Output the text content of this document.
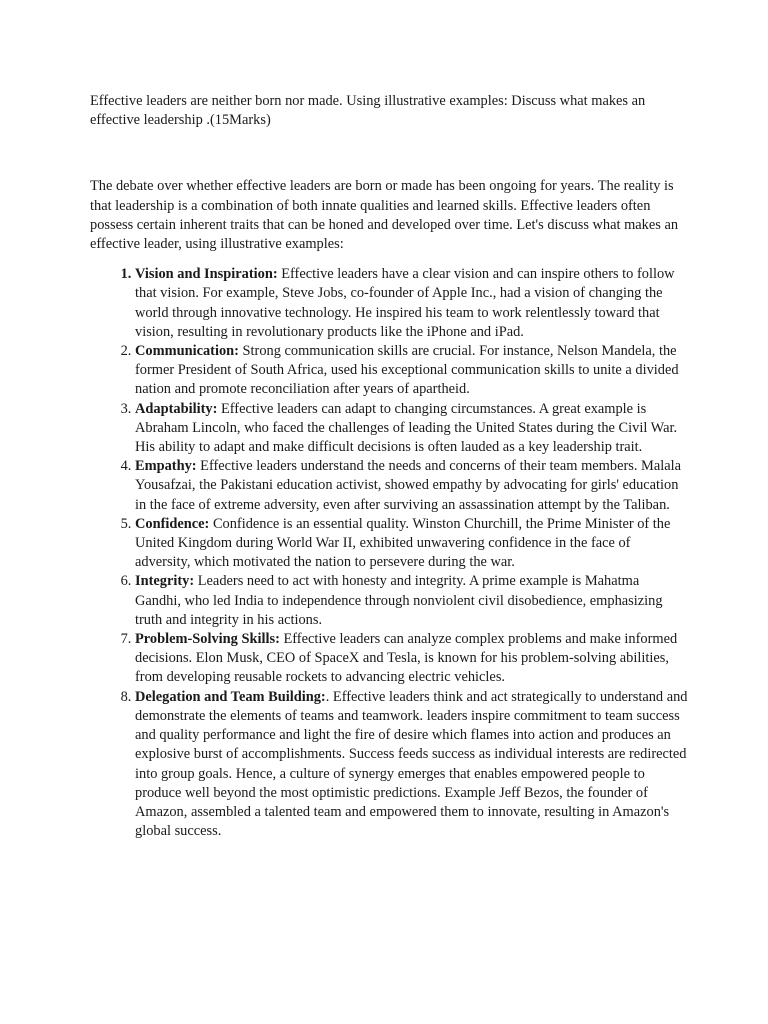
Effective leaders are neither born nor made. Using illustrative examples: Discuss what makes an effective leadership .(15Marks)

The debate over whether effective leaders are born or made has been ongoing for years. The reality is that leadership is a combination of both innate qualities and learned skills. Effective leaders often possess certain inherent traits that can be honed and developed over time. Let's discuss what makes an effective leader, using illustrative examples:

1. Vision and Inspiration: Effective leaders have a clear vision and can inspire others to follow that vision. For example, Steve Jobs, co-founder of Apple Inc., had a vision of changing the world through innovative technology. He inspired his team to work relentlessly toward that vision, resulting in revolutionary products like the iPhone and iPad.
2. Communication: Strong communication skills are crucial. For instance, Nelson Mandela, the former President of South Africa, used his exceptional communication skills to unite a divided nation and promote reconciliation after years of apartheid.
3. Adaptability: Effective leaders can adapt to changing circumstances. A great example is Abraham Lincoln, who faced the challenges of leading the United States during the Civil War. His ability to adapt and make difficult decisions is often lauded as a key leadership trait.
4. Empathy: Effective leaders understand the needs and concerns of their team members. Malala Yousafzai, the Pakistani education activist, showed empathy by advocating for girls' education in the face of extreme adversity, even after surviving an assassination attempt by the Taliban.
5. Confidence: Confidence is an essential quality. Winston Churchill, the Prime Minister of the United Kingdom during World War II, exhibited unwavering confidence in the face of adversity, which motivated the nation to persevere during the war.
6. Integrity: Leaders need to act with honesty and integrity. A prime example is Mahatma Gandhi, who led India to independence through nonviolent civil disobedience, emphasizing truth and integrity in his actions.
7. Problem-Solving Skills: Effective leaders can analyze complex problems and make informed decisions. Elon Musk, CEO of SpaceX and Tesla, is known for his problem-solving abilities, from developing reusable rockets to advancing electric vehicles.
8. Delegation and Team Building:. Effective leaders think and act strategically to understand and demonstrate the elements of teams and teamwork. leaders inspire commitment to team success and quality performance and light the fire of desire which flames into action and produces an explosive burst of accomplishments. Success feeds success as individual interests are redirected into group goals. Hence, a culture of synergy emerges that enables empowered people to produce well beyond the most optimistic predictions. Example Jeff Bezos, the founder of Amazon, assembled a talented team and empowered them to innovate, resulting in Amazon's global success.
